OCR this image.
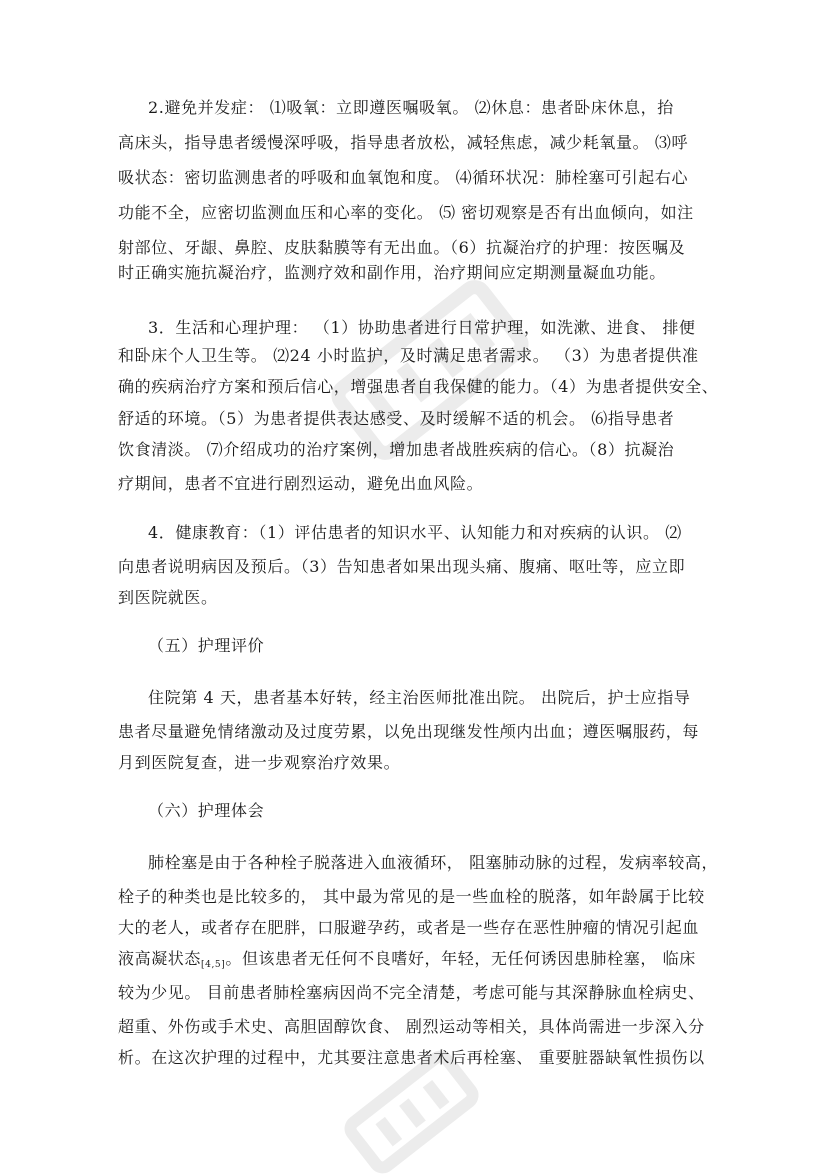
2.避免并发症： ⑴吸氧：立即遵医嘱吸氧。 ⑵休息：患者卧床休息，抬
高床头，指导患者缓慢深呼吸，指导患者放松，减轻焦虑，减少耗氧量。 ⑶呼
吸状态：密切监测患者的呼吸和血氧饱和度。 ⑷循环状况：肺栓塞可引起右心
功能不全，应密切监测血压和心率的变化。 ⑸ 密切观察是否有出血倾向，如注
射部位、牙龈、鼻腔、皮肤黏膜等有无出血。（6）抗凝治疗的护理：按医嘱及
时正确实施抗凝治疗，监测疗效和副作用，治疗期间应定期测量凝血功能。
3．生活和心理护理： （1）协助患者进行日常护理，如洗漱、进食、 排便
和卧床个人卫生等。 ⑵24 小时监护，及时满足患者需求。 （3）为患者提供准
确的疾病治疗方案和预后信心，增强患者自我保健的能力。（4）为患者提供安全、
舒适的环境。（5）为患者提供表达感受、及时缓解不适的机会。 ⑹指导患者
饮食清淡。 ⑺介绍成功的治疗案例，增加患者战胜疾病的信心。（8）抗凝治
疗期间，患者不宜进行剧烈运动，避免出血风险。
4．健康教育：（1）评估患者的知识水平、认知能力和对疾病的认识。 ⑵
向患者说明病因及预后。（3）告知患者如果出现头痛、腹痛、呕吐等，应立即
到医院就医。
（五）护理评价
住院第 4 天，患者基本好转，经主治医师批准出院。 出院后，护士应指导
患者尽量避免情绪激动及过度劳累，以免出现继发性颅内出血；遵医嘱服药，每
月到医院复查，进一步观察治疗效果。
（六）护理体会
肺栓塞是由于各种栓子脱落进入血液循环， 阻塞肺动脉的过程，发病率较高，
栓子的种类也是比较多的， 其中最为常见的是一些血栓的脱落，如年龄属于比较
大的老人，或者存在肥胖，口服避孕药，或者是一些存在恶性肿瘤的情况引起血
液高凝状态[4,5]。但该患者无任何不良嗜好，年轻，无任何诱因患肺栓塞， 临床
较为少见。 目前患者肺栓塞病因尚不完全清楚，考虑可能与其深静脉血栓病史、
超重、外伤或手术史、高胆固醇饮食、 剧烈运动等相关，具体尚需进一步深入分
析。在这次护理的过程中，尤其要注意患者术后再栓塞、 重要脏器缺氧性损伤以
